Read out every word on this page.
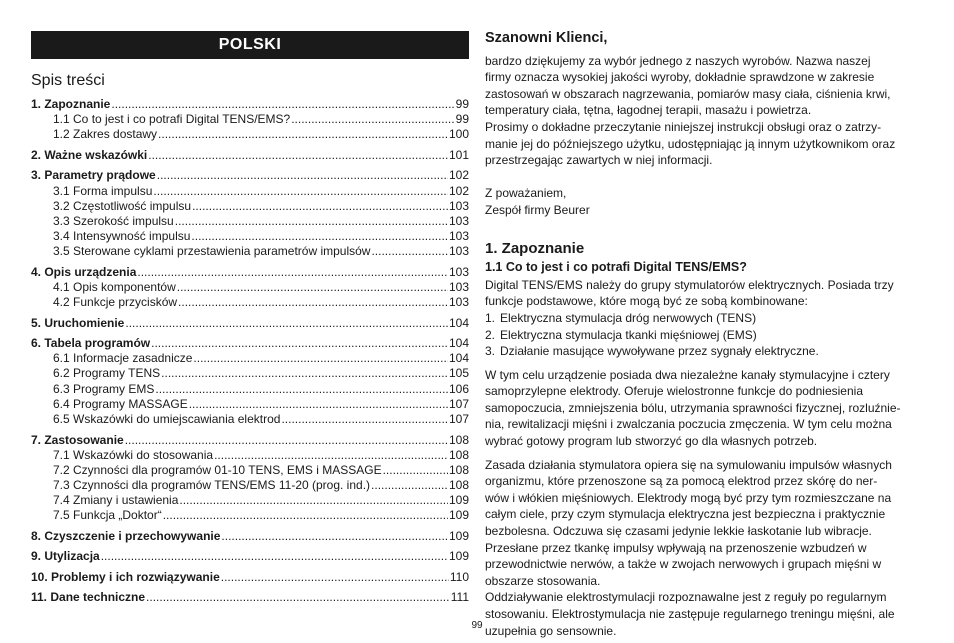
POLSKI
Spis treści
1. Zapoznanie .....	99
1.1 Co to jest i co potrafi Digital TENS/EMS? .....	99
1.2 Zakres dostawy .....	100
2. Ważne wskazówki .....	101
3. Parametry prądowe .....	102
3.1 Forma impulsu .....	102
3.2 Częstotliwość impulsu .....	103
3.3 Szerokość impulsu .....	103
3.4 Intensywność impulsu .....	103
3.5 Sterowane cyklami przestawienia parametrów impulsów .....	103
4. Opis urządzenia .....	103
4.1 Opis komponentów .....	103
4.2 Funkcje przycisków .....	103
5. Uruchomienie .....	104
6. Tabela programów .....	104
6.1 Informacje zasadnicze .....	104
6.2 Programy TENS .....	105
6.3 Programy EMS .....	106
6.4 Programy MASSAGE .....	107
6.5 Wskazówki do umiejscawiania elektrod .....	107
7. Zastosowanie .....	108
7.1 Wskazówki do stosowania .....	108
7.2 Czynności dla programów 01-10 TENS, EMS i MASSAGE .....	108
7.3 Czynności dla programów TENS/EMS 11-20 (prog. ind.) .....	108
7.4 Zmiany i ustawienia .....	109
7.5 Funkcja „Doktor“ .....	109
8. Czyszczenie i przechowywanie .....	109
9. Utylizacja .....	109
10. Problemy i ich rozwiązywanie .....	110
11. Dane techniczne .....	111
Szanowni Klienci,
bardzo dziękujemy za wybór jednego z naszych wyrobów. Nazwa naszej
firmy oznacza wysokiej jakości wyroby, dokładnie sprawdzone w zakresie
zastosowań w obszarach nagrzewania, pomiarów masy ciała, ciśnienia krwi,
temperatury ciała, tętna, łagodnej terapii, masażu i powietrza.
Prosimy o dokładne przeczytanie niniejszej instrukcji obsługi oraz o zatrzy-
manie jej do późniejszego użytku, udostępniając ją innym użytkownikom oraz
przestrzegając zawartych w niej informacji.

Z poważaniem,

Zespół firmy Beurer

1. Zapoznanie
1.1 Co to jest i co potrafi Digital TENS/EMS?
Digital TENS/EMS należy do grupy stymulatorów elektrycznych. Posiada trzy
funkcje podstawowe, które mogą być ze sobą kombinowane:
1. Elektryczna stymulacja dróg nerwowych (TENS)
2. Elektryczna stymulacja tkanki mięśniowej (EMS)
3. Działanie masujące wywoływane przez sygnały elektryczne.
W tym celu urządzenie posiada dwa niezależne kanały stymulacyjne i cztery
samoprzylepne elektrody. Oferuje wielostronne funkcje do podniesienia
samopoczucia, zmniejszenia bólu, utrzymania sprawności fizycznej, rozluźnie-
nia, rewitalizacji mięśni i zwalczania poczucia zmęczenia. W tym celu można
wybrać gotowy program lub stworzyć go dla własnych potrzeb.
Zasada działania stymulatora opiera się na symulowaniu impulsów własnych
organizmu, które przenoszone są za pomocą elektrod przez skórę do ner-
wów i włókien mięśniowych. Elektrody mogą być przy tym rozmieszczane na
całym ciele, przy czym stymulacja elektryczna jest bezpieczna i praktycznie
bezbolesna. Odczuwa się czasami jedynie lekkie łaskotanie lub wibracje.
Przesłane przez tkankę impulsy wpływają na przenoszenie wzbudzeń w
przewodnictwie nerwów, a także w zwojach nerwowych i grupach mięśni w
obszarze stosowania.
Oddziaływanie elektrostymulacji rozpoznawalne jest z reguły po regularnym
stosowaniu. Elektrostymulacja nie zastępuje regularnego treningu mięśni, ale
uzupełnia go sensownie.
99
